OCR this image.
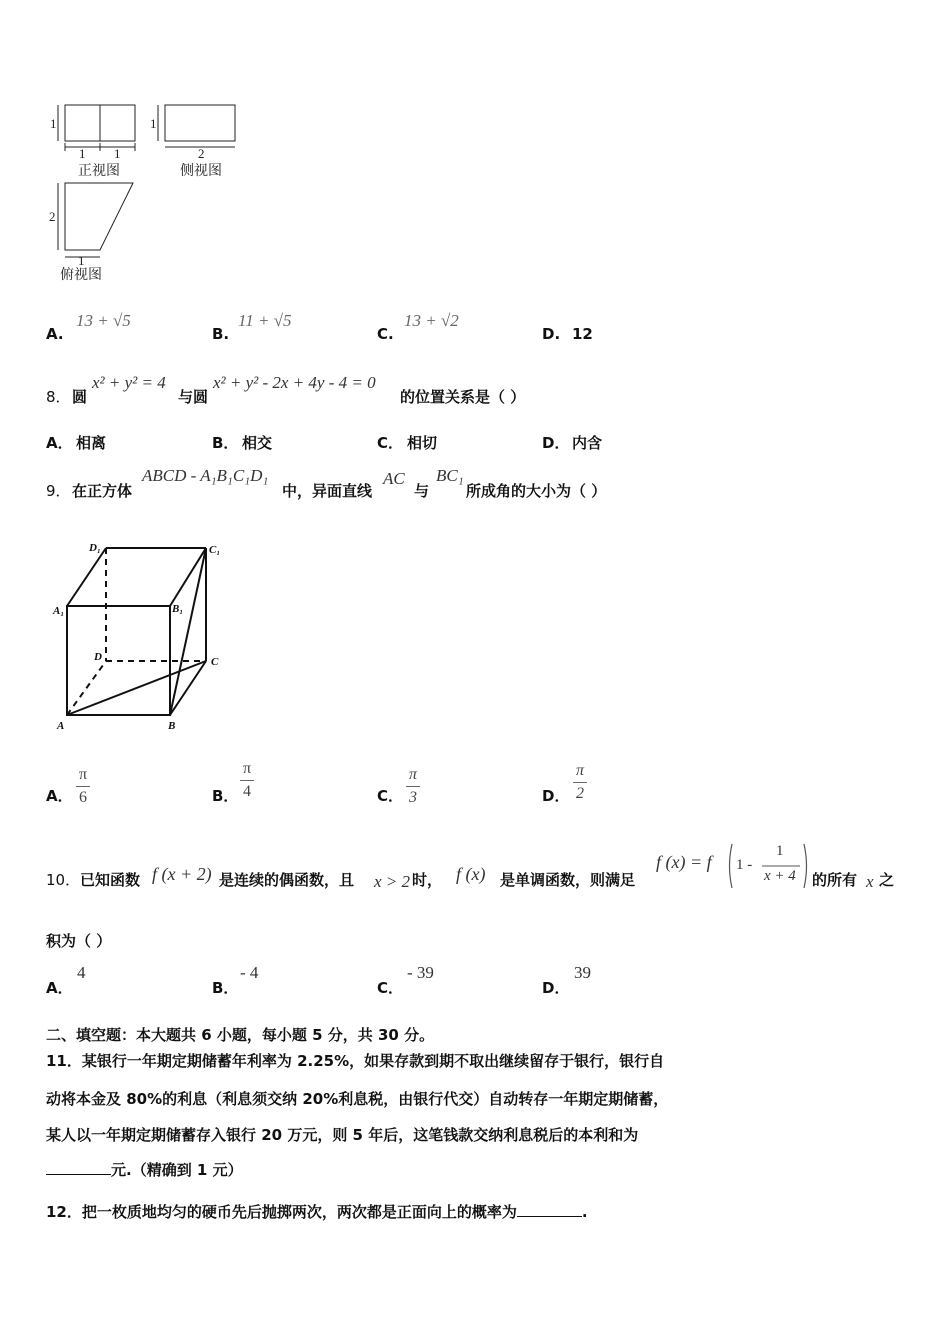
1
1 1
正视图
1
2
侧视图
2
1
俯视图
A.
13 + √5
B.
11 + √5
C.
13 + √2
D. 12
8． 圆
x² + y² = 4
与圆
x² + y² - 2x + 4y - 4 = 0
的位置关系是（ ）
A． 相离	B． 相交	C． 相切	D． 内含
9． 在正方体
ABCD - A₁B₁C₁D₁
中，异面直线
AC
与
BC₁
所成角的大小为（ ）
D₁	C₁
A₁	B₁
D	C
A	B
A．
π
6	B．
π
4	C．
π
3	D．
π
2
10． 已知函数 f (x + 2) 是连续的偶函数，且 x > 2 时， f (x) 是单调函数，则满足
f (x) = f 1 -
1
x + 4 的所有 x 之
积为（ ）
A．
4
B．
- 4
C．
- 39
D．
39
二、填空题：本大题共 6 小题，每小题 5 分，共 30 分。
11．某银行一年期定期储蓄年利率为 2.25%，如果存款到期不取出继续留存于银行，银行自
动将本金及 80%的利息（利息须交纳 20%利息税，由银行代交）自动转存一年期定期储蓄，
某人以一年期定期储蓄存入银行 20 万元，则 5 年后，这笔钱款交纳利息税后的本利和为
元.（精确到 1 元）
12．把一枚质地均匀的硬币先后抛掷两次，两次都是正面向上的概率为	.
